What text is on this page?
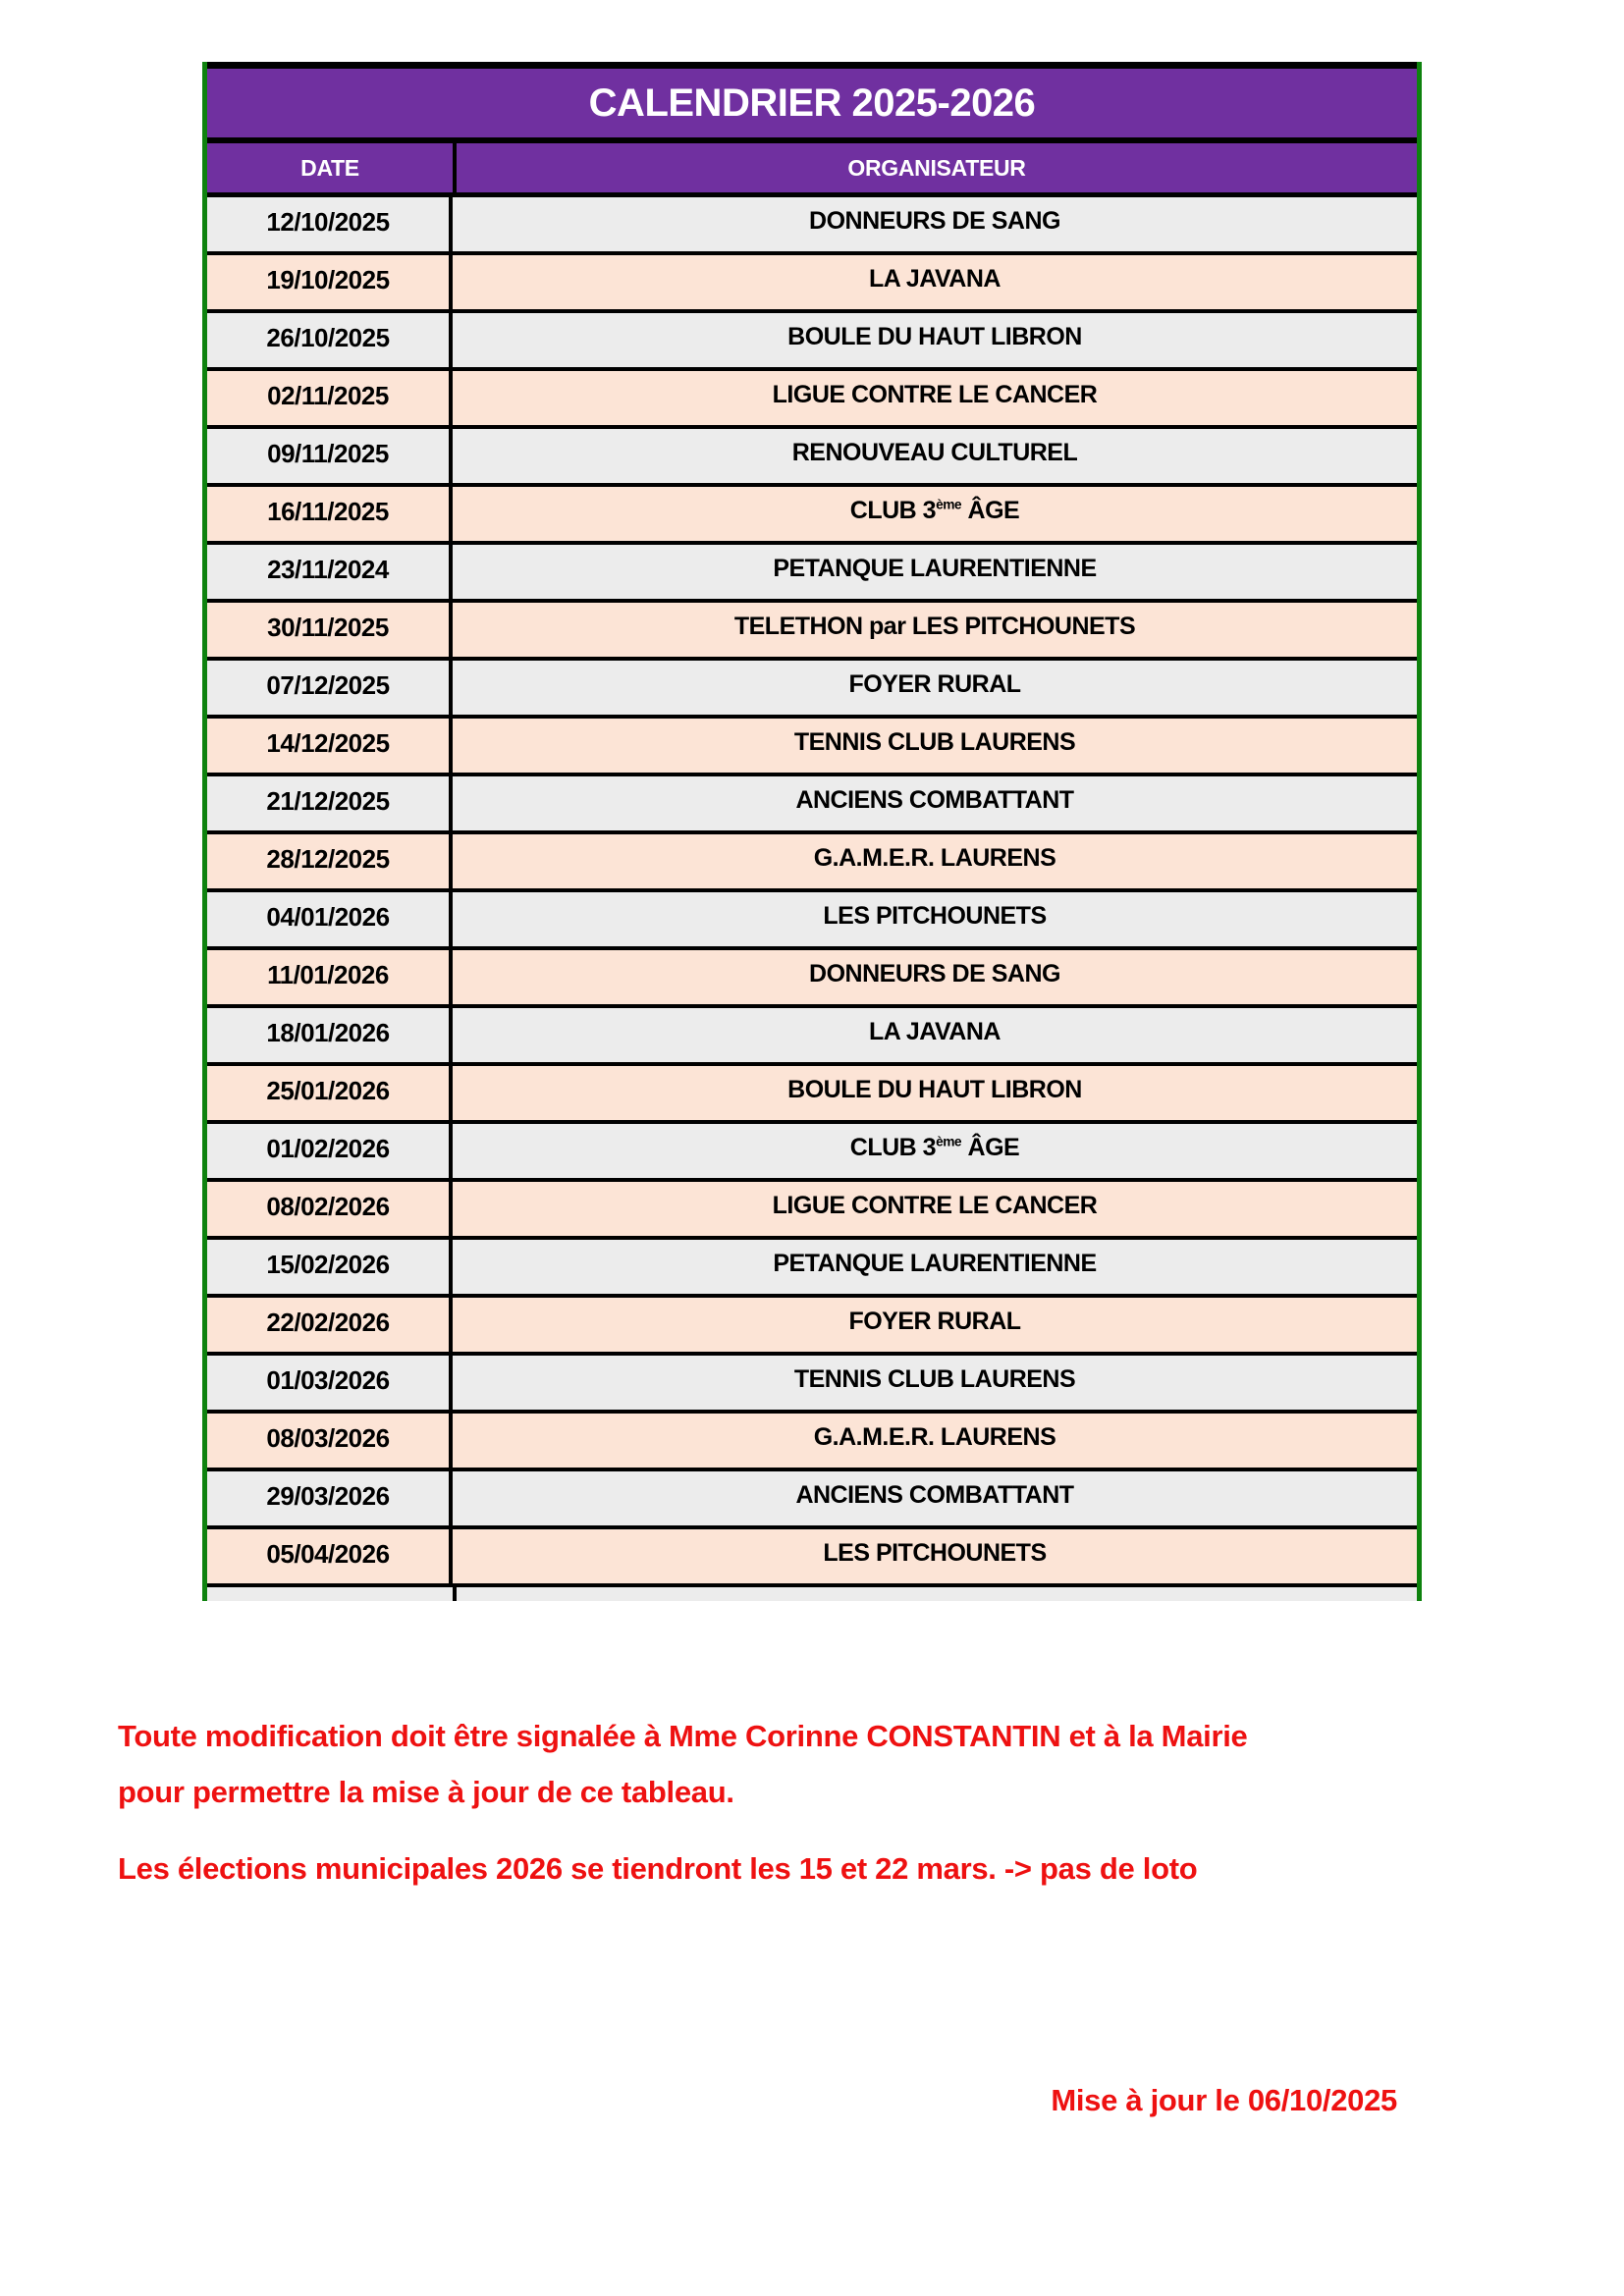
CALENDRIER 2025-2026
DATE	ORGANISATEUR
12/10/2025	DONNEURS DE SANG
19/10/2025	LA JAVANA
26/10/2025	BOULE DU HAUT LIBRON
02/11/2025	LIGUE CONTRE LE CANCER
09/11/2025	RENOUVEAU CULTUREL
16/11/2025	CLUB 3ème ÂGE
23/11/2024	PETANQUE LAURENTIENNE
30/11/2025	TELETHON par LES PITCHOUNETS
07/12/2025	FOYER RURAL
14/12/2025	TENNIS CLUB LAURENS
21/12/2025	ANCIENS COMBATTANT
28/12/2025	G.A.M.E.R. LAURENS
04/01/2026	LES PITCHOUNETS
11/01/2026	DONNEURS DE SANG
18/01/2026	LA JAVANA
25/01/2026	BOULE DU HAUT LIBRON
01/02/2026	CLUB 3ème ÂGE
08/02/2026	LIGUE CONTRE LE CANCER
15/02/2026	PETANQUE LAURENTIENNE
22/02/2026	FOYER RURAL
01/03/2026	TENNIS CLUB LAURENS
08/03/2026	G.A.M.E.R. LAURENS
29/03/2026	ANCIENS COMBATTANT
05/04/2026	LES PITCHOUNETS
Toute modification doit être signalée à Mme Corinne CONSTANTIN et à la Mairie
pour permettre la mise à jour de ce tableau.
Les élections municipales 2026 se tiendront les 15 et 22 mars. -> pas de loto
Mise à jour le 06/10/2025
